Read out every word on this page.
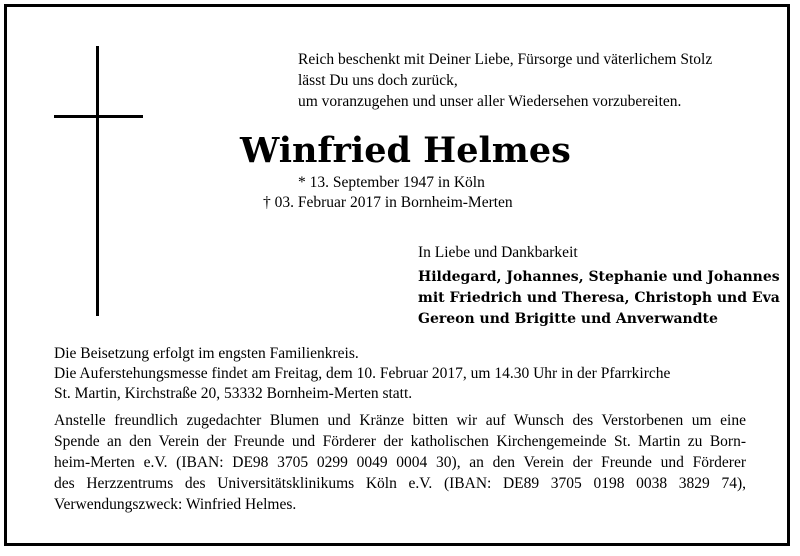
Reich beschenkt mit Deiner Liebe, Fürsorge und väterlichem Stolz
lässt Du uns doch zurück,
um voranzugehen und unser aller Wiedersehen vorzubereiten.
Winfried Helmes
* 13. September 1947 in Köln
† 03. Februar 2017 in Bornheim-Merten
In Liebe und Dankbarkeit
Hildegard, Johannes, Stephanie und Johannes
mit Friedrich und Theresa, Christoph und Eva
Gereon und Brigitte und Anverwandte
Die Beisetzung erfolgt im engsten Familienkreis.
Die Auferstehungsmesse findet am Freitag, dem 10. Februar 2017, um 14.30 Uhr in der Pfarrkirche
St. Martin, Kirchstraße 20, 53332 Bornheim-Merten statt.
Anstelle freundlich zugedachter Blumen und Kränze bitten wir auf Wunsch des Verstorbenen um eine
Spende an den Verein der Freunde und Förderer der katholischen Kirchengemeinde St. Martin zu Born-
heim-Merten e.V. (IBAN: DE98 3705 0299 0049 0004 30), an den Verein der Freunde und Förderer
des Herzzentrums des Universitätsklinikums Köln e.V. (IBAN: DE89 3705 0198 0038 3829 74),
Verwendungszweck: Winfried Helmes.
